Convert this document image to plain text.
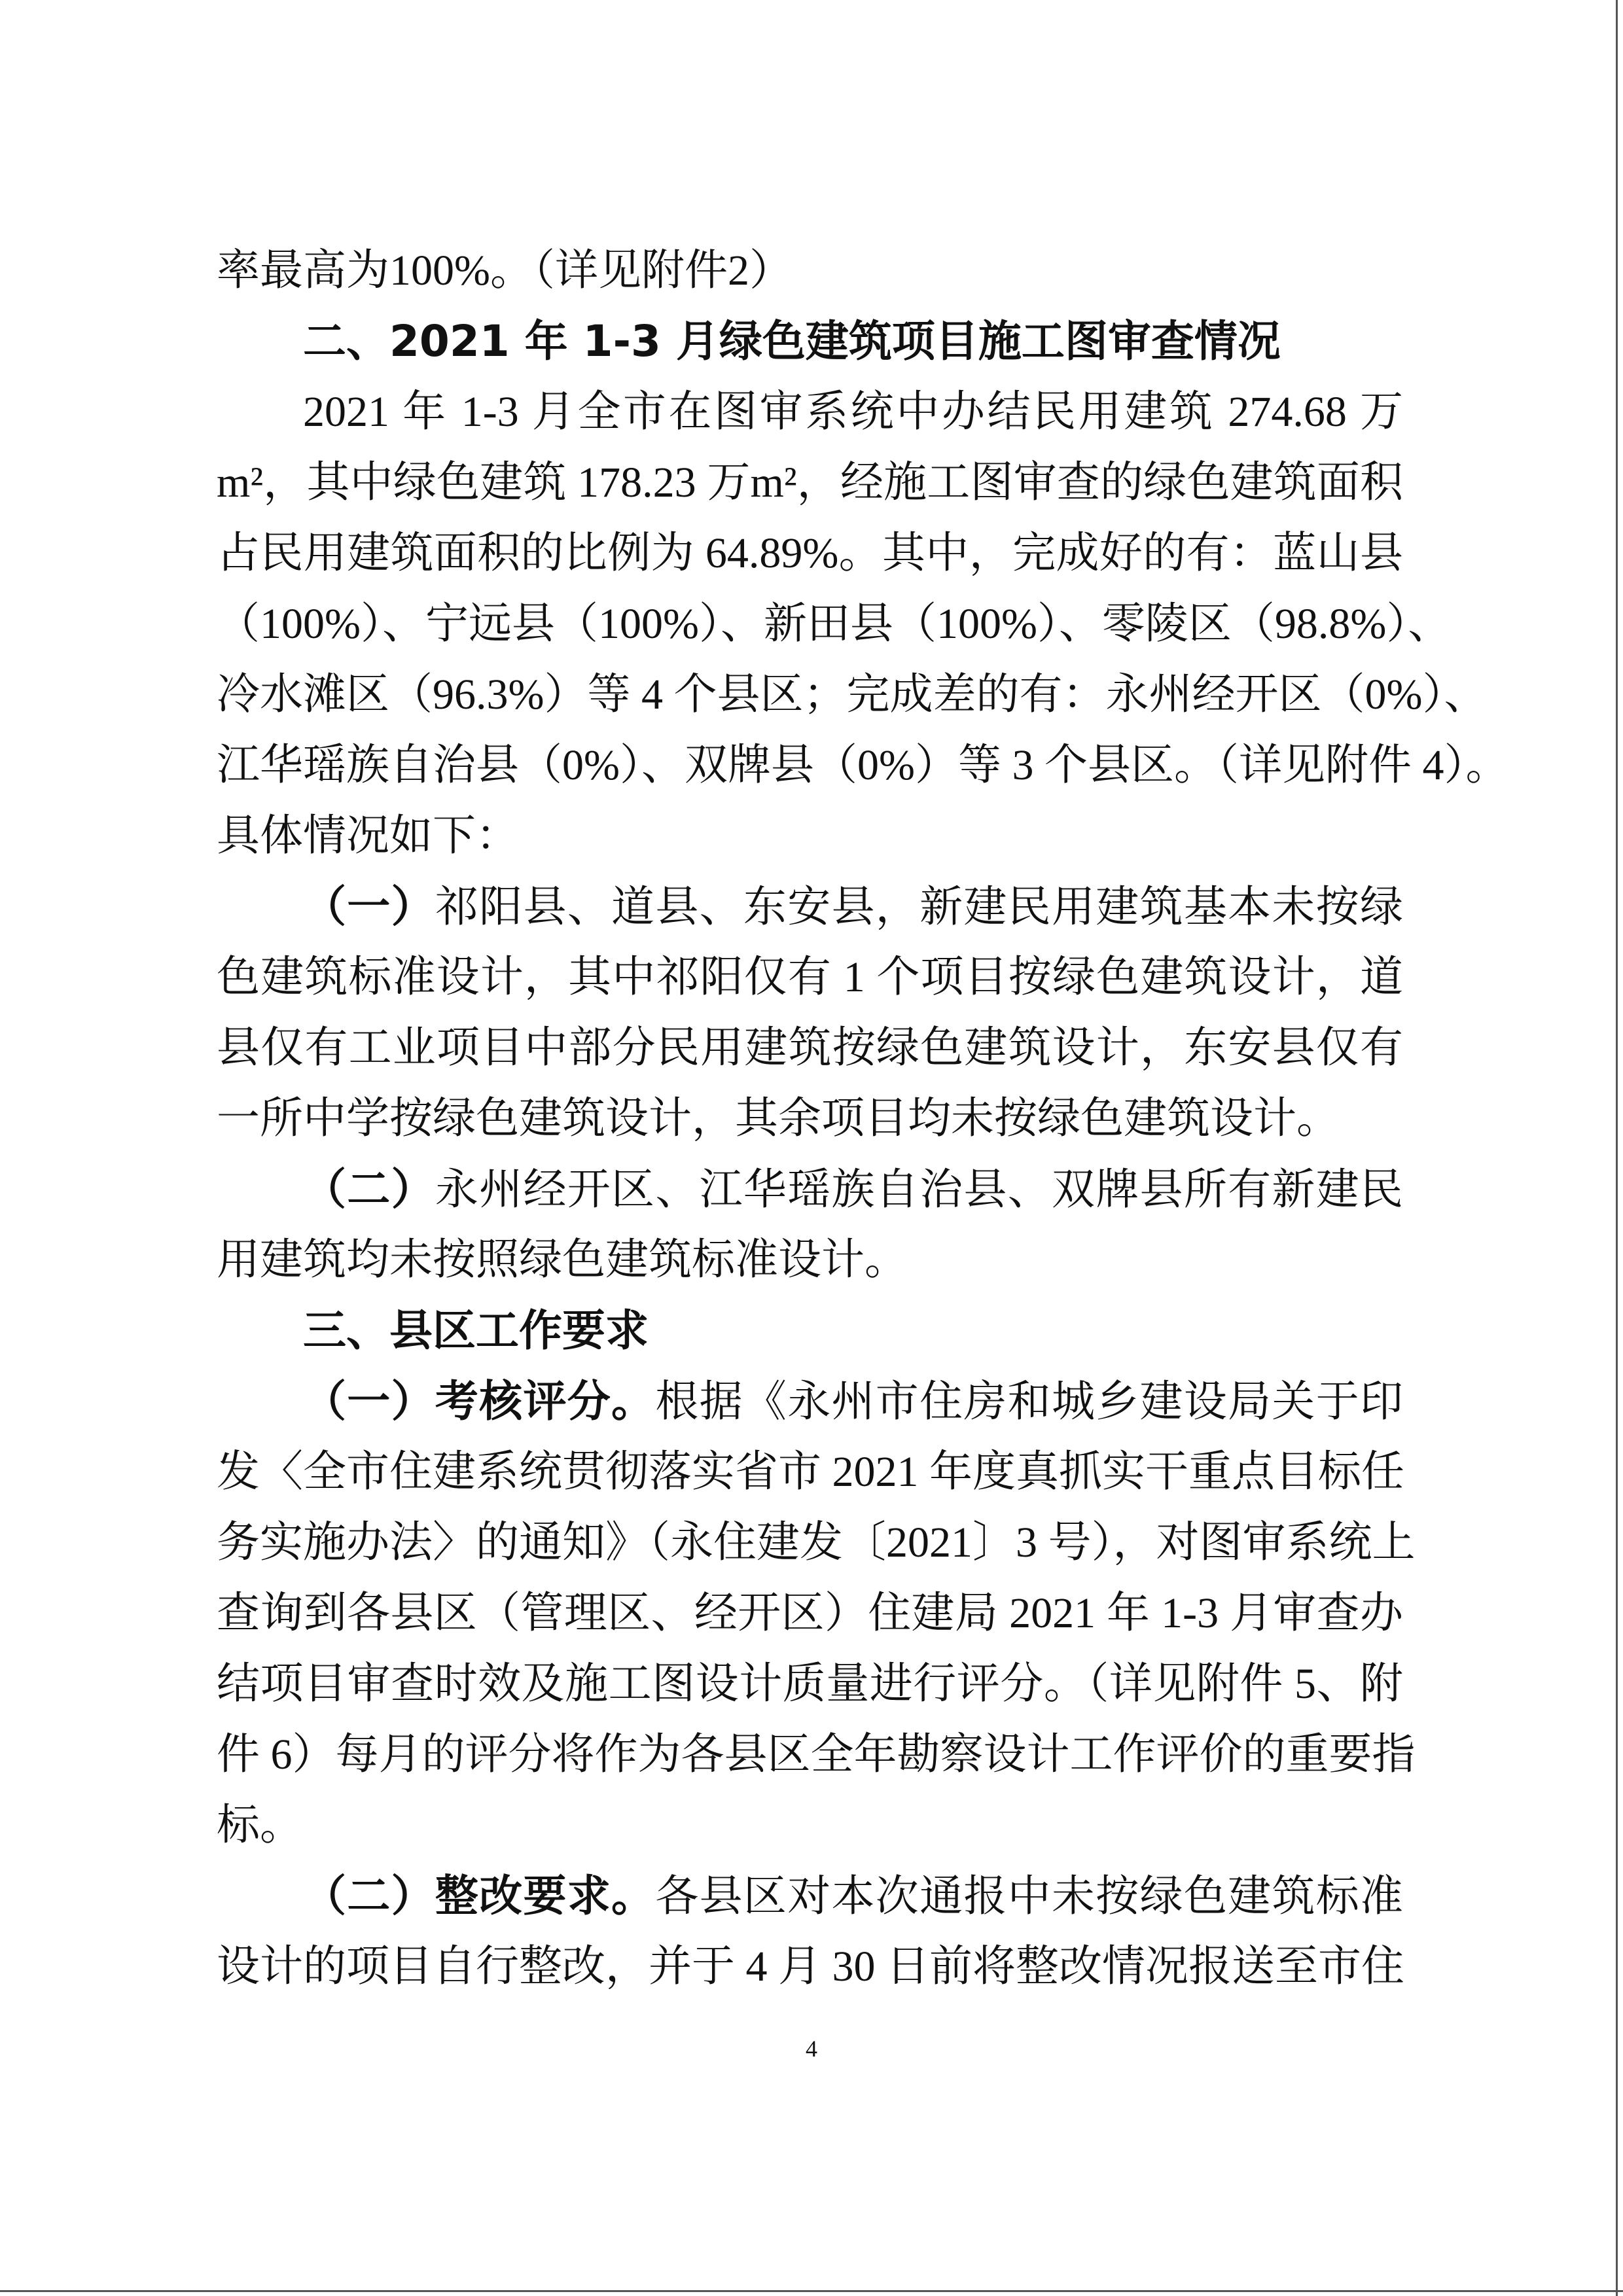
率最高为100%。（详见附件2）
二、2021 年 1-3 月绿色建筑项目施工图审查情况
2021 年 1-3 月全市在图审系统中办结民用建筑 274.68 万
m²，其中绿色建筑 178.23 万m²，经施工图审查的绿色建筑面积
占民用建筑面积的比例为 64.89%。其中，完成好的有：蓝山县
（100%）、宁远县（100%）、新田县（100%）、零陵区（98.8%）、
冷水滩区（96.3%）等 4 个县区；完成差的有：永州经开区（0%）、
江华瑶族自治县（0%）、双牌县（0%）等 3 个县区。（详见附件 4）。
具体情况如下：
（一）祁阳县、道县、东安县，新建民用建筑基本未按绿
色建筑标准设计，其中祁阳仅有 1 个项目按绿色建筑设计，道
县仅有工业项目中部分民用建筑按绿色建筑设计，东安县仅有
一所中学按绿色建筑设计，其余项目均未按绿色建筑设计。
（二）永州经开区、江华瑶族自治县、双牌县所有新建民
用建筑均未按照绿色建筑标准设计。
三、县区工作要求
（一）考核评分。根据《永州市住房和城乡建设局关于印
发〈全市住建系统贯彻落实省市 2021 年度真抓实干重点目标任
务实施办法〉的通知》（永住建发〔2021〕3 号），对图审系统上
查询到各县区（管理区、经开区）住建局 2021 年 1-3 月审查办
结项目审查时效及施工图设计质量进行评分。（详见附件 5、附
件 6）每月的评分将作为各县区全年勘察设计工作评价的重要指
标。
（二）整改要求。各县区对本次通报中未按绿色建筑标准
设计的项目自行整改，并于 4 月 30 日前将整改情况报送至市住
4
